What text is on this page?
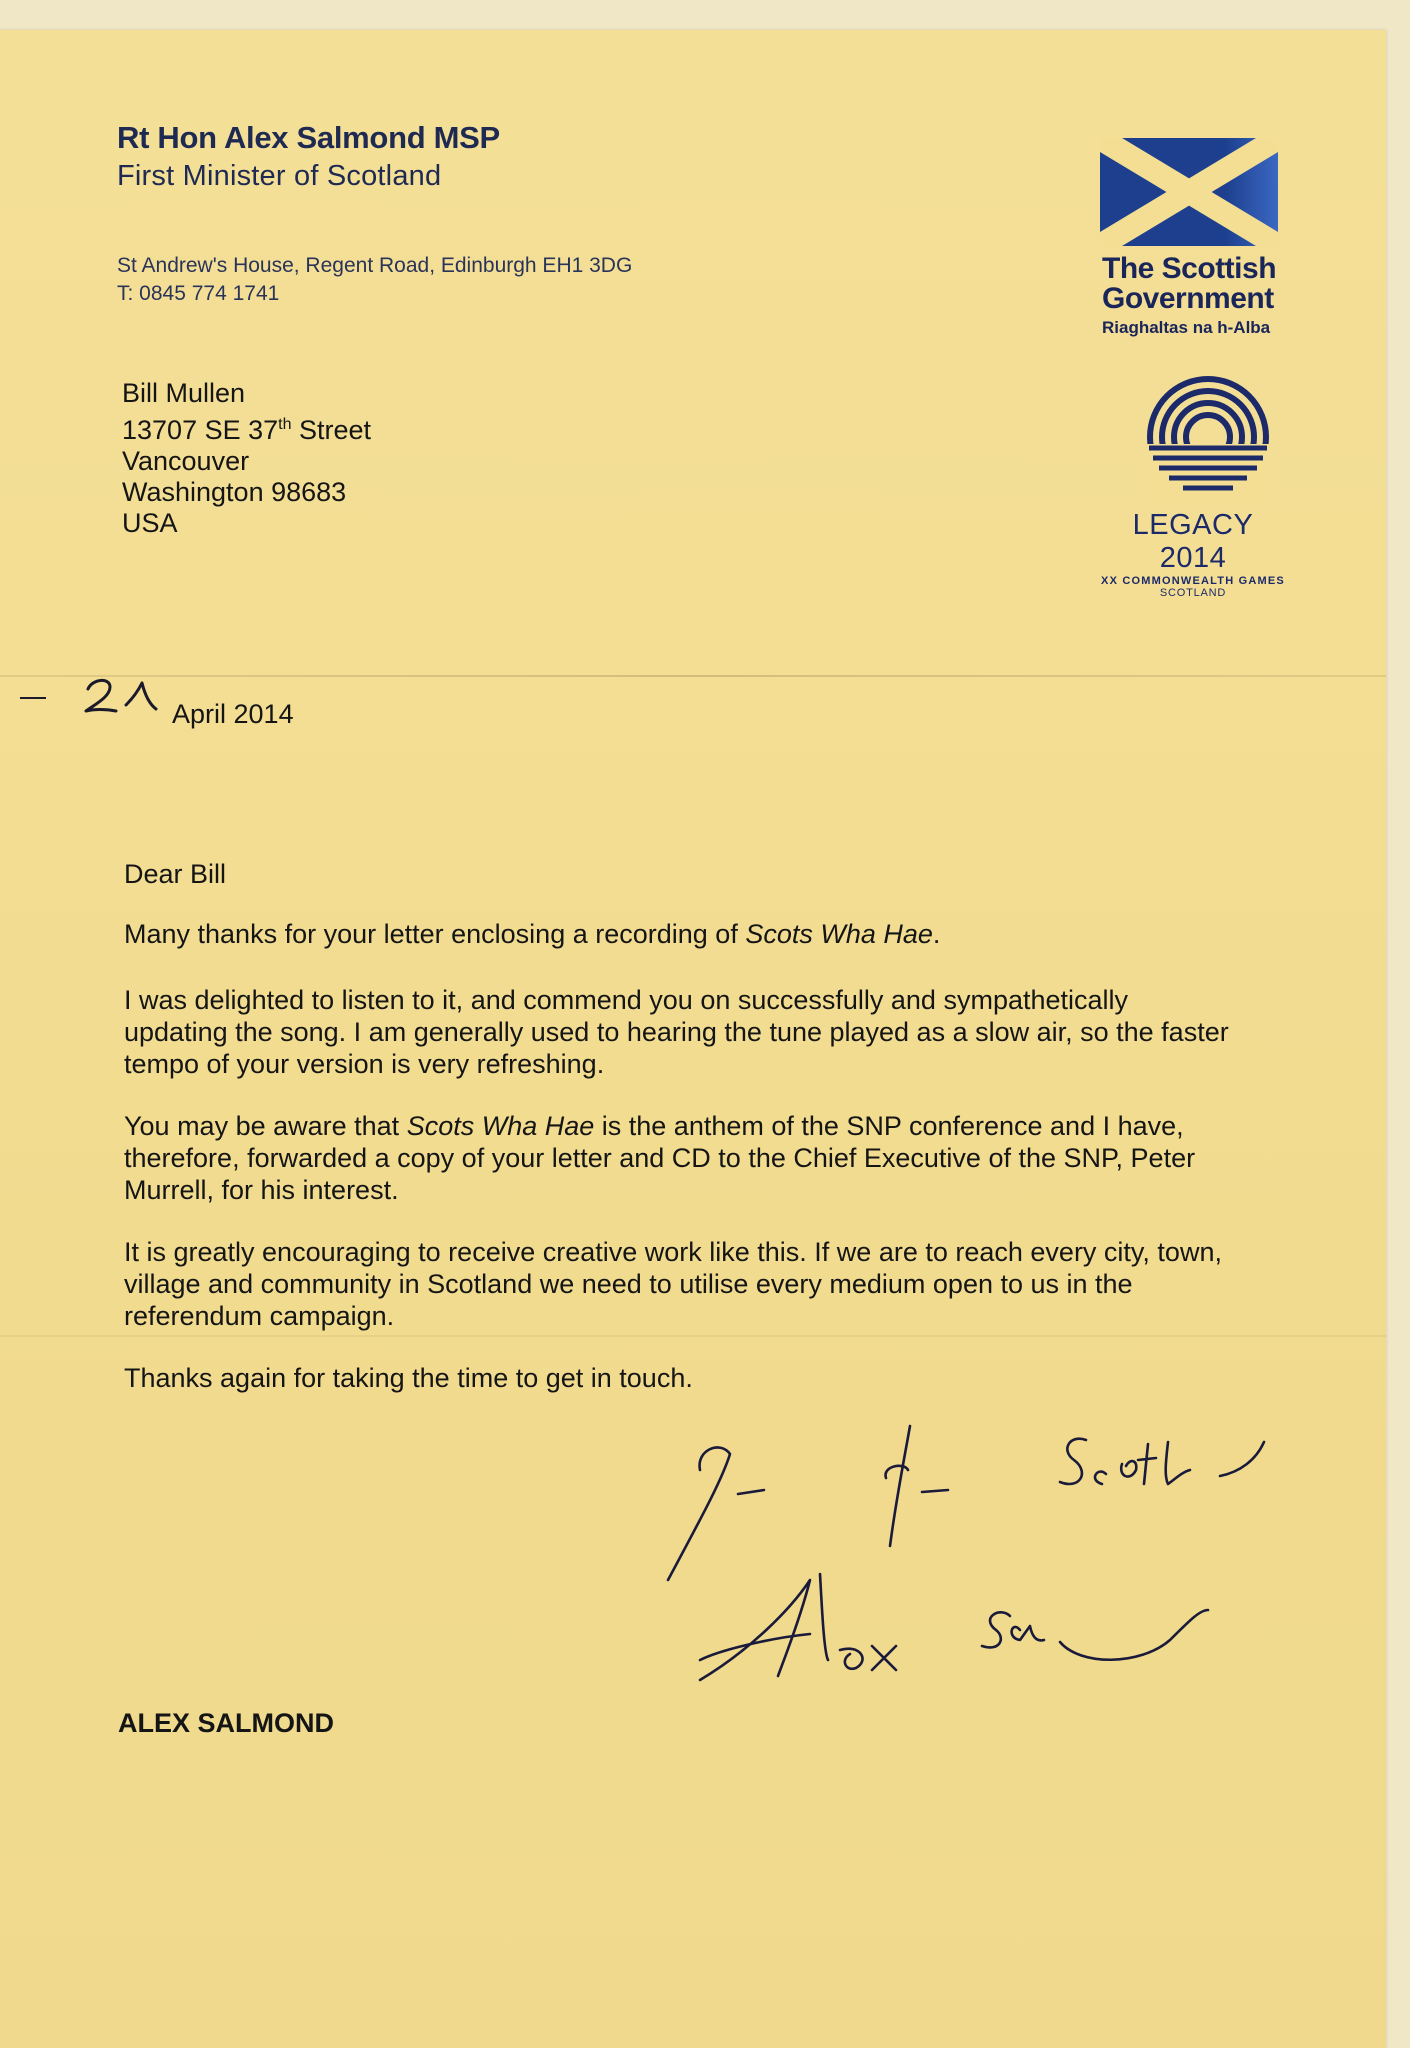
Rt Hon Alex Salmond MSP

First Minister of Scotland

St Andrew's House, Regent Road, Edinburgh EH1 3DG
T: 0845 774 1741
The Scottish
Government
Riaghaltas na h-Alba
LEGACY 2014
XX COMMONWEALTH GAMES
SCOTLAND
Bill Mullen
13707 SE 37th Street
Vancouver
Washington 98683
USA
April 2014

Dear Bill

Many thanks for your letter enclosing a recording of Scots Wha Hae.

I was delighted to listen to it, and commend you on successfully and sympathetically
updating the song. I am generally used to hearing the tune played as a slow air, so the faster
tempo of your version is very refreshing.

You may be aware that Scots Wha Hae is the anthem of the SNP conference and I have,
therefore, forwarded a copy of your letter and CD to the Chief Executive of the SNP, Peter
Murrell, for his interest.

It is greatly encouraging to receive creative work like this. If we are to reach every city, town,
village and community in Scotland we need to utilise every medium open to us in the
referendum campaign.

Thanks again for taking the time to get in touch.

ALEX SALMOND
